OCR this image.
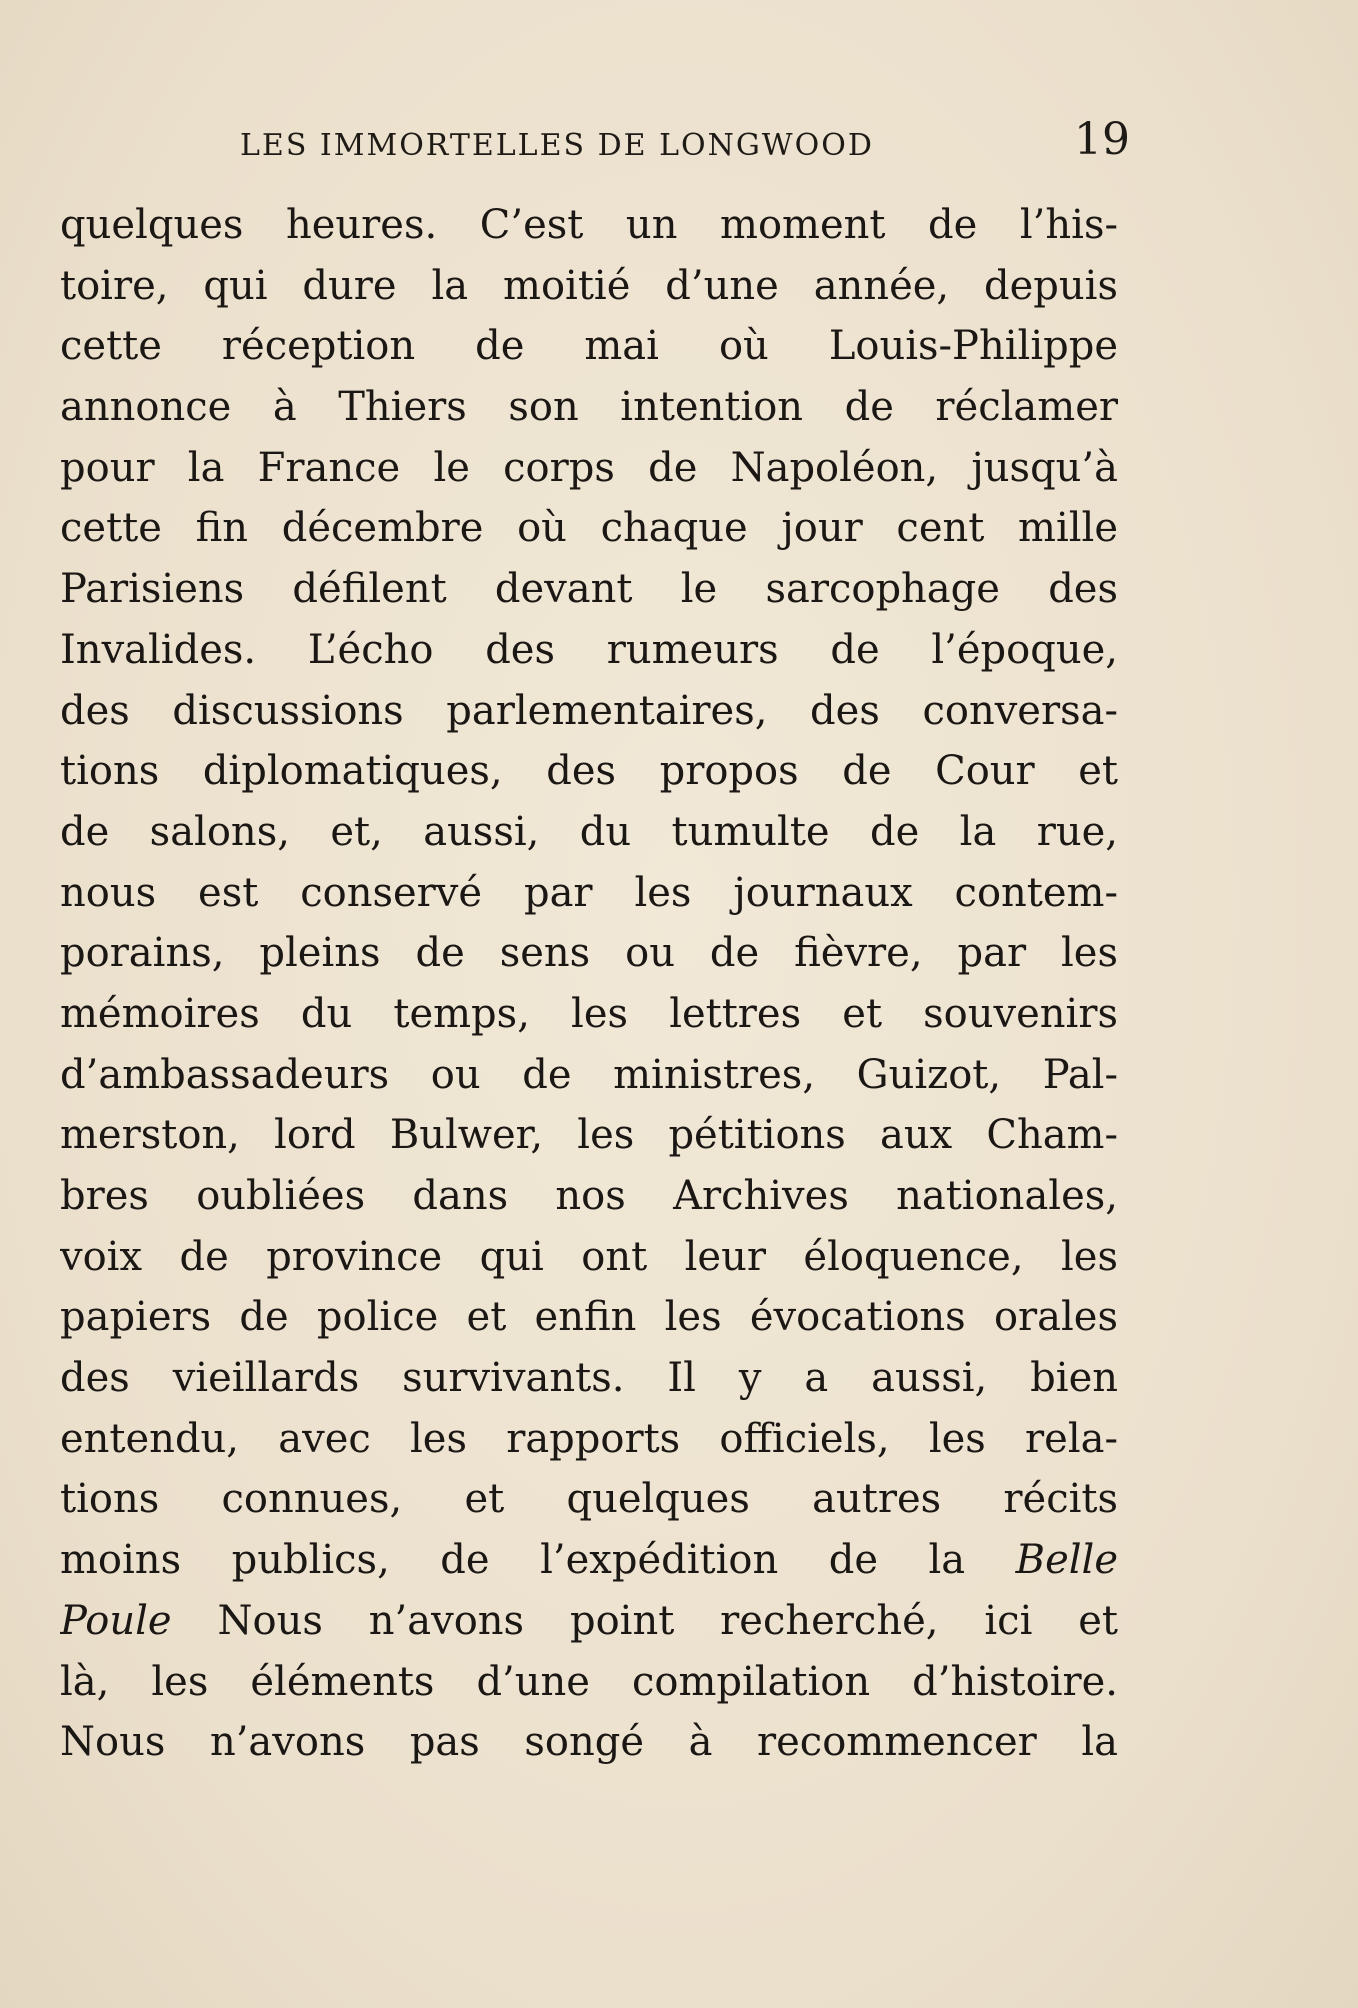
LES IMMORTELLES DE LONGWOOD	19
quelques heures. C’est un moment de l’his-
toire, qui dure la moitié d’une année, depuis
cette réception de mai où Louis-Philippe
annonce à Thiers son intention de réclamer
pour la France le corps de Napoléon, jusqu’à
cette fin décembre où chaque jour cent mille
Parisiens défilent devant le sarcophage des
Invalides. L’écho des rumeurs de l’époque,
des discussions parlementaires, des conversa-
tions diplomatiques, des propos de Cour et
de salons, et, aussi, du tumulte de la rue,
nous est conservé par les journaux contem-
porains, pleins de sens ou de fièvre, par les
mémoires du temps, les lettres et souvenirs
d’ambassadeurs ou de ministres, Guizot, Pal-
merston, lord Bulwer, les pétitions aux Cham-
bres oubliées dans nos Archives nationales,
voix de province qui ont leur éloquence, les
papiers de police et enfin les évocations orales
des vieillards survivants. Il y a aussi, bien
entendu, avec les rapports officiels, les rela-
tions connues, et quelques autres récits
moins publics, de l’expédition de la Belle
Poule Nous n’avons point recherché, ici et
là, les éléments d’une compilation d’histoire.
Nous n’avons pas songé à recommencer la
